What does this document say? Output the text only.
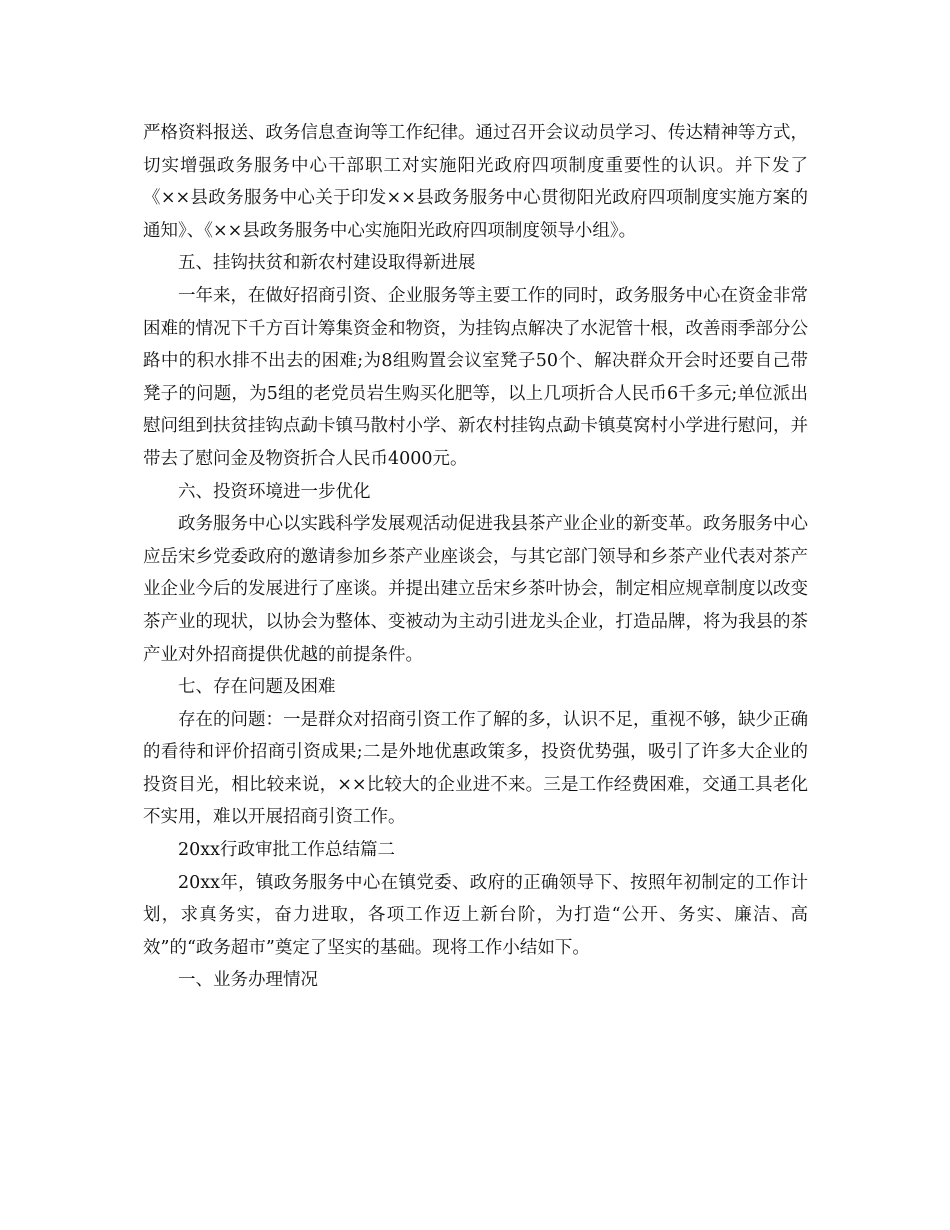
严格资料报送、政务信息查询等工作纪律。通过召开会议动员学习、传达精神等方式，切实增强政务服务中心干部职工对实施阳光政府四项制度重要性的认识。并下发了《××县政务服务中心关于印发××县政务服务中心贯彻阳光政府四项制度实施方案的通知》、《××县政务服务中心实施阳光政府四项制度领导小组》。

五、挂钩扶贫和新农村建设取得新进展

一年来，在做好招商引资、企业服务等主要工作的同时，政务服务中心在资金非常困难的情况下千方百计筹集资金和物资，为挂钩点解决了水泥管十根，改善雨季部分公路中的积水排不出去的困难;为8组购置会议室凳子50个、解决群众开会时还要自己带凳子的问题，为5组的老党员岩生购买化肥等，以上几项折合人民币6千多元;单位派出慰问组到扶贫挂钩点勐卡镇马散村小学、新农村挂钩点勐卡镇莫窝村小学进行慰问，并带去了慰问金及物资折合人民币4000元。

六、投资环境进一步优化

政务服务中心以实践科学发展观活动促进我县茶产业企业的新变革。政务服务中心应岳宋乡党委政府的邀请参加乡茶产业座谈会，与其它部门领导和乡茶产业代表对茶产业企业今后的发展进行了座谈。并提出建立岳宋乡茶叶协会，制定相应规章制度以改变茶产业的现状，以协会为整体、变被动为主动引进龙头企业，打造品牌，将为我县的茶产业对外招商提供优越的前提条件。

七、存在问题及困难

存在的问题：一是群众对招商引资工作了解的多，认识不足，重视不够，缺少正确的看待和评价招商引资成果;二是外地优惠政策多，投资优势强，吸引了许多大企业的投资目光，相比较来说，××比较大的企业进不来。三是工作经费困难，交通工具老化不实用，难以开展招商引资工作。

20xx行政审批工作总结篇二

20xx年，镇政务服务中心在镇党委、政府的正确领导下、按照年初制定的工作计划，求真务实，奋力进取，各项工作迈上新台阶，为打造“公开、务实、廉洁、高效”的“政务超市”奠定了坚实的基础。现将工作小结如下。

一、业务办理情况
